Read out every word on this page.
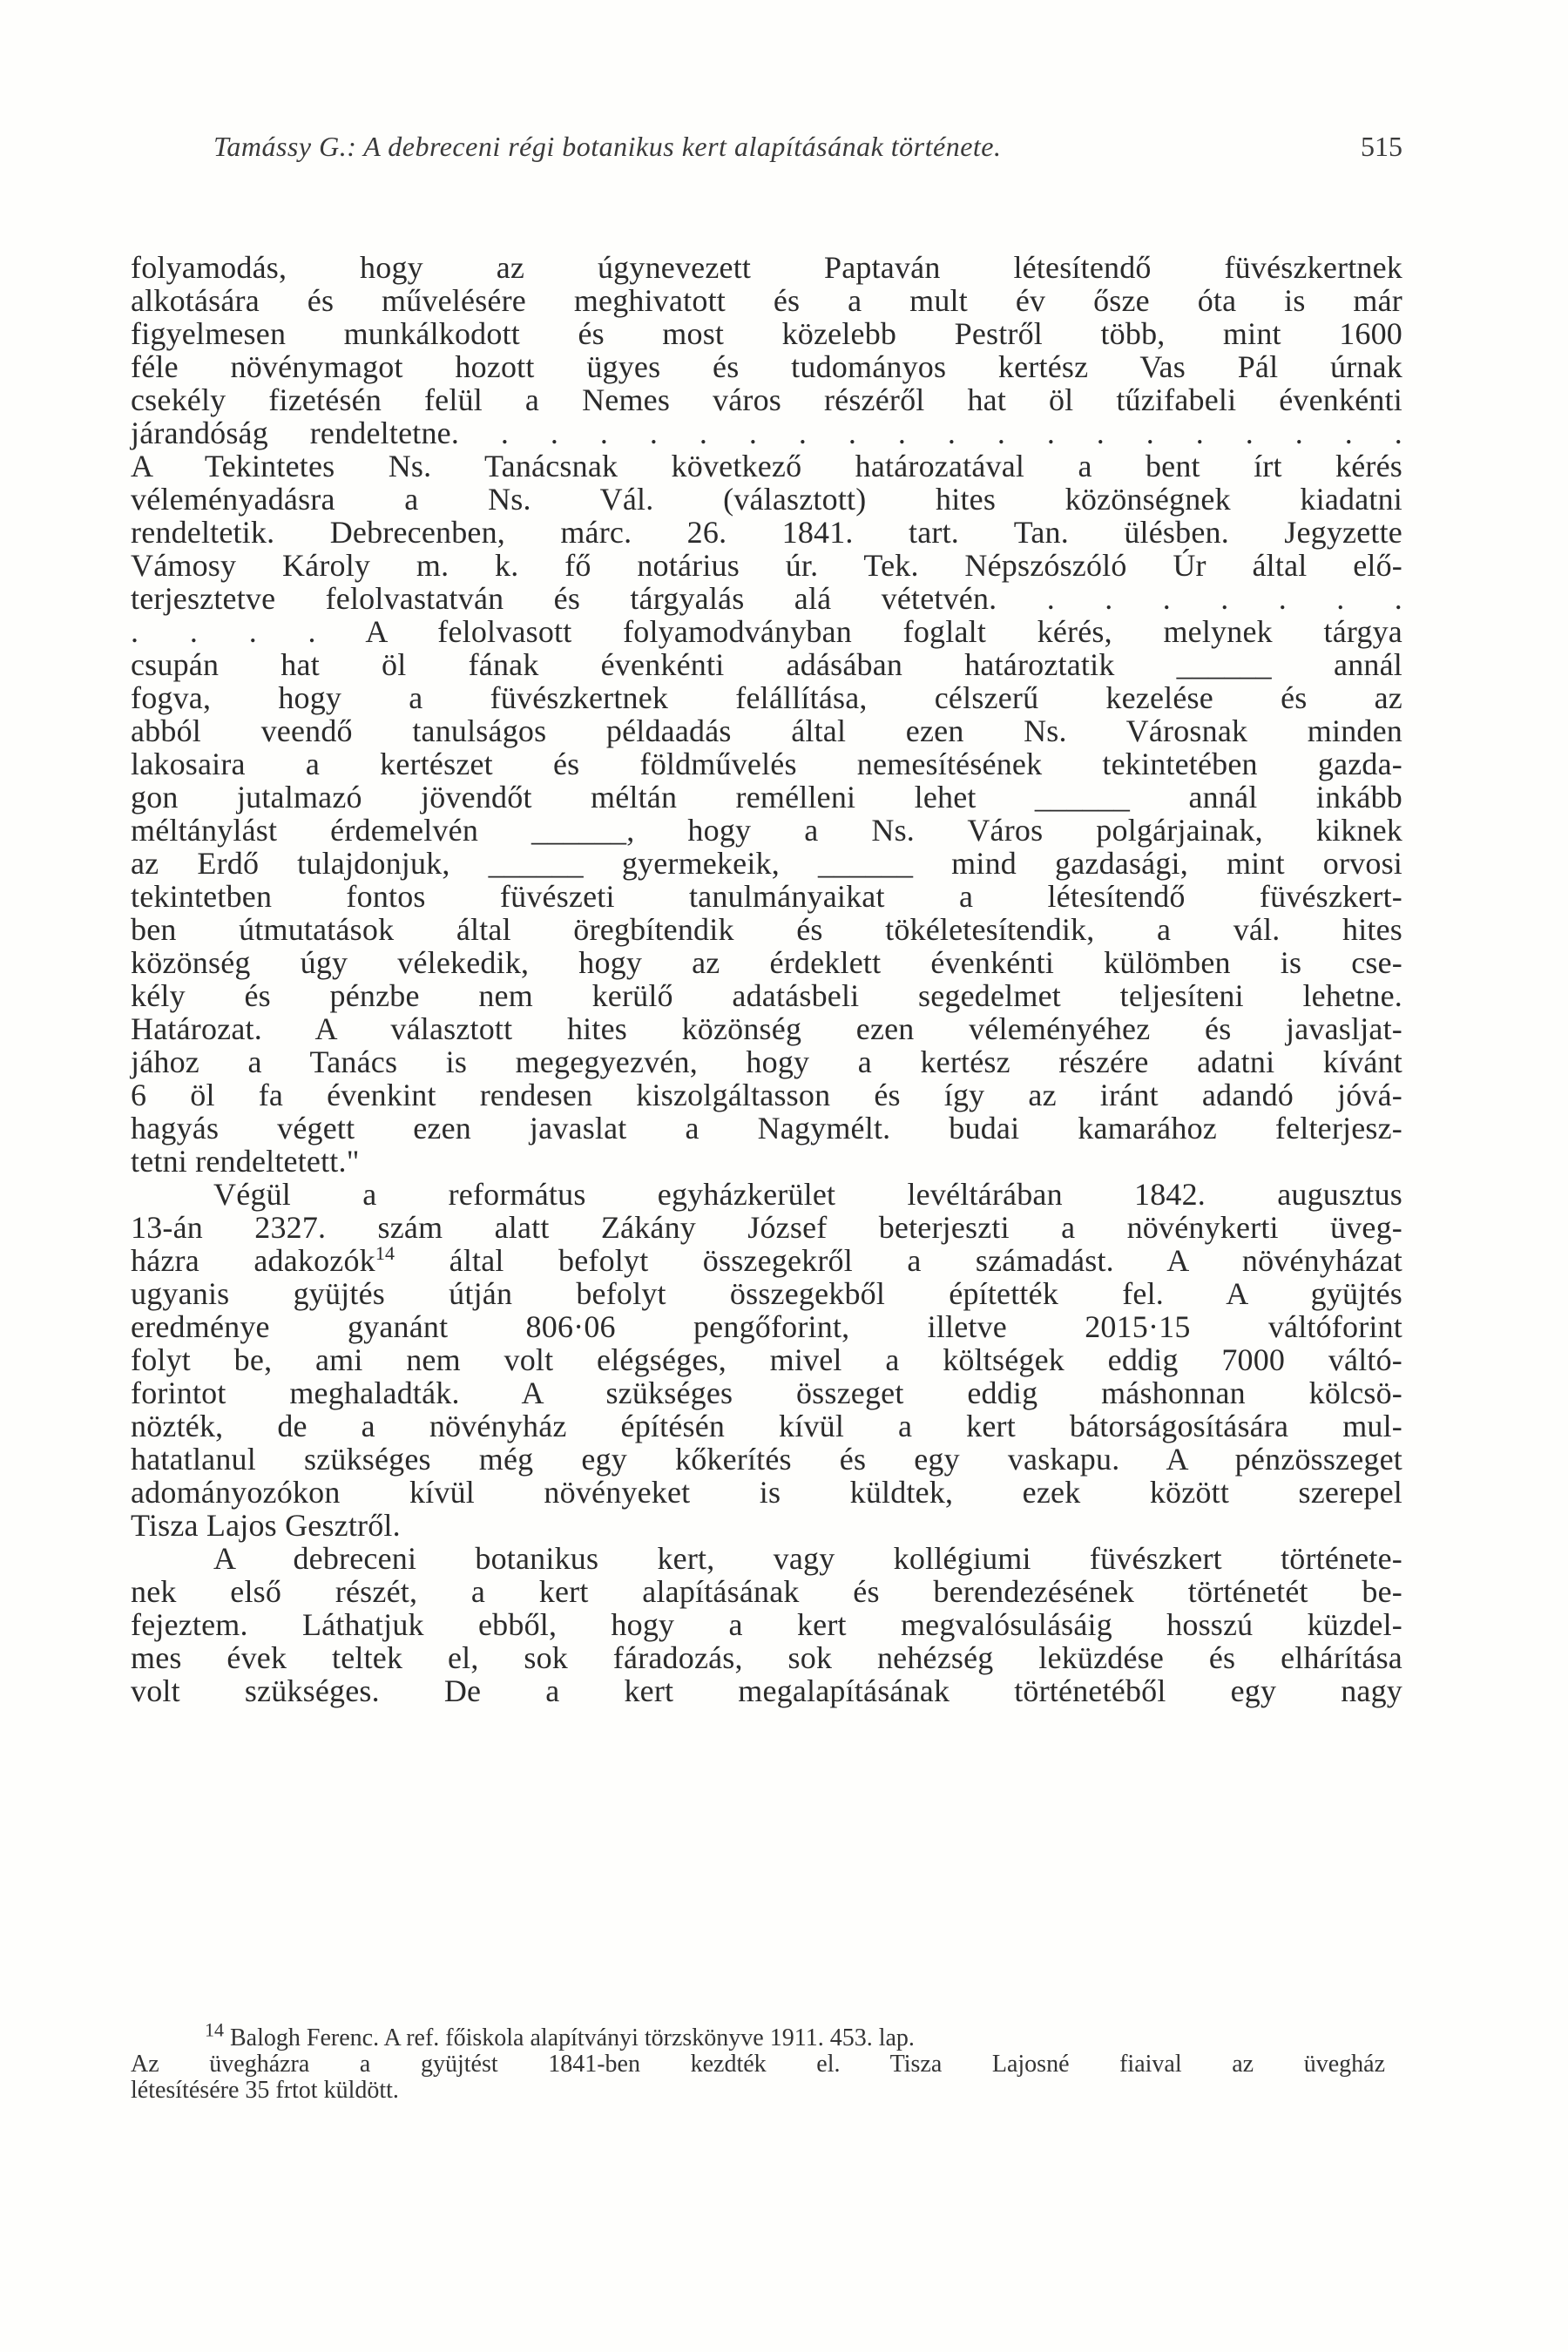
Tamássy G.: A debreceni régi botanikus kert alapításának története.	515
folyamodás, hogy az úgynevezett Paptaván létesítendő füvészkertnek
alkotására és művelésére meghivatott és a mult év ősze óta is már
figyelmesen munkálkodott és most közelebb Pestről több, mint 1600
féle növénymagot hozott ügyes és tudományos kertész Vas Pál úrnak
csekély fizetésén felül a Nemes város részéről hat öl tűzifabeli évenkénti
járandóság rendeltetne. . . . . . . . . . . . . . . . . . . .
A Tekintetes Ns. Tanácsnak következő határozatával a bent írt kérés
véleményadásra a Ns. Vál. (választott) hites közönségnek kiadatni
rendeltetik. Debrecenben, márc. 26. 1841. tart. Tan. ülésben. Jegyzette
Vámosy Károly m. k. fő notárius úr. Tek. Népszószóló Úr által elő-
terjesztetve felolvastatván és tárgyalás alá vétetvén. . . . . . . .
. . . . A felolvasott folyamodványban foglalt kérés, melynek tárgya
csupán hat öl fának évenkénti adásában határoztatik ______ annál
fogva, hogy a füvészkertnek felállítása, célszerű kezelése és az
abból veendő tanulságos példaadás által ezen Ns. Városnak minden
lakosaira a kertészet és földművelés nemesítésének tekintetében gazda-
gon jutalmazó jövendőt méltán remélleni lehet ______ annál inkább
méltánylást érdemelvén ______, hogy a Ns. Város polgárjainak, kiknek
az Erdő tulajdonjuk, ______ gyermekeik, ______ mind gazdasági, mint orvosi
tekintetben fontos füvészeti tanulmányaikat a létesítendő füvészkert-
ben útmutatások által öregbítendik és tökéletesítendik, a vál. hites
közönség úgy vélekedik, hogy az érdeklett évenkénti külömben is cse-
kély és pénzbe nem kerülő adatásbeli segedelmet teljesíteni lehetne.
Határozat. A választott hites közönség ezen véleményéhez és javasljat-
jához a Tanács is megegyezvén, hogy a kertész részére adatni kívánt
6 öl fa évenkint rendesen kiszolgáltasson és így az iránt adandó jóvá-
hagyás végett ezen javaslat a Nagymélt. budai kamarához felterjesz-
tetni rendeltetett."
Végül a református egyházkerület levéltárában 1842. augusztus
13-án 2327. szám alatt Zákány József beterjeszti a növénykerti üveg-
házra adakozók$^{14}$ által befolyt összegekről a számadást. A növényházat
ugyanis gyüjtés útján befolyt összegekből építették fel. A gyüjtés
eredménye gyanánt 806·06 pengőforint, illetve 2015·15 váltóforint
folyt be, ami nem volt elégséges, mivel a költségek eddig 7000 váltó-
forintot meghaladták. A szükséges összeget eddig máshonnan kölcsö-
nözték, de a növényház építésén kívül a kert bátorságosítására mul-
hatatlanul szükséges még egy kőkerítés és egy vaskapu. A pénzösszeget
adományozókon kívül növényeket is küldtek, ezek között szerepel
Tisza Lajos Gesztről.
A debreceni botanikus kert, vagy kollégiumi füvészkert története-
nek első részét, a kert alapításának és berendezésének történetét be-
fejeztem. Láthatjuk ebből, hogy a kert megvalósulásáig hosszú küzdel-
mes évek teltek el, sok fáradozás, sok nehézség leküzdése és elhárítása
volt szükséges. De a kert megalapításának történetéből egy nagy
$^{14}$ Balogh Ferenc. A ref. főiskola alapítványi törzskönyve 1911. 453. lap.
Az üvegházra a gyüjtést 1841-ben kezdték el. Tisza Lajosné fiaival az üvegház
létesítésére 35 frtot küldött.
